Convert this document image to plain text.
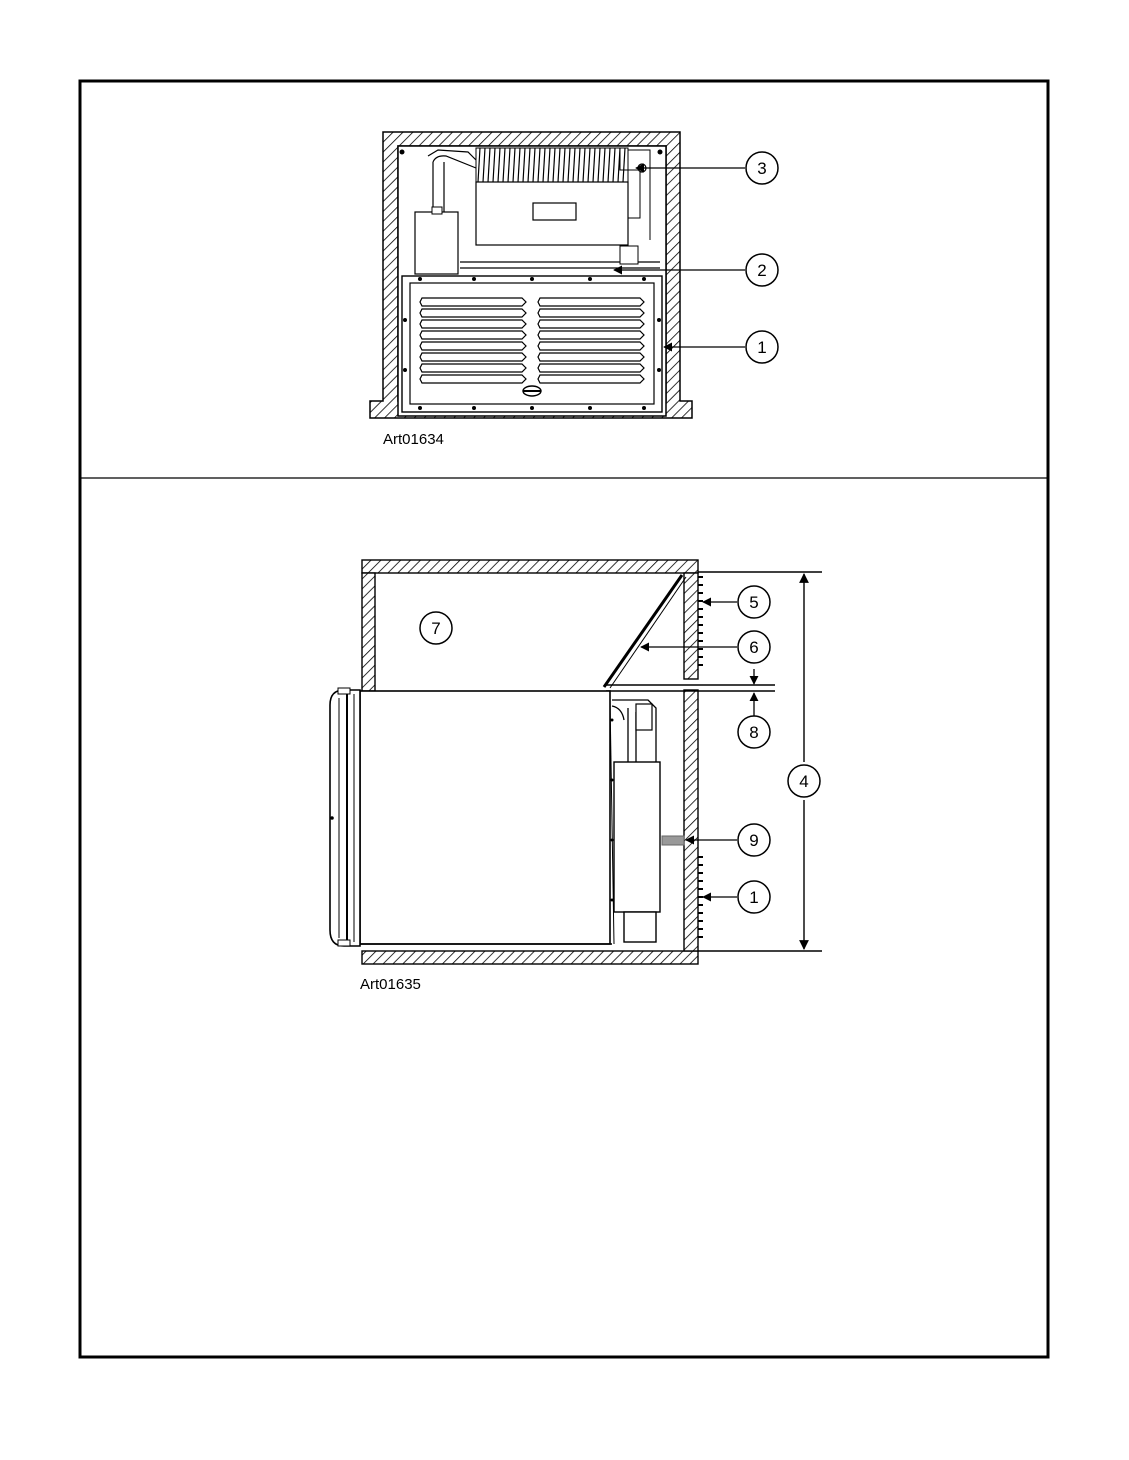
3
2
1
Art01634
5
6
7
8
4
9
1
Art01635
